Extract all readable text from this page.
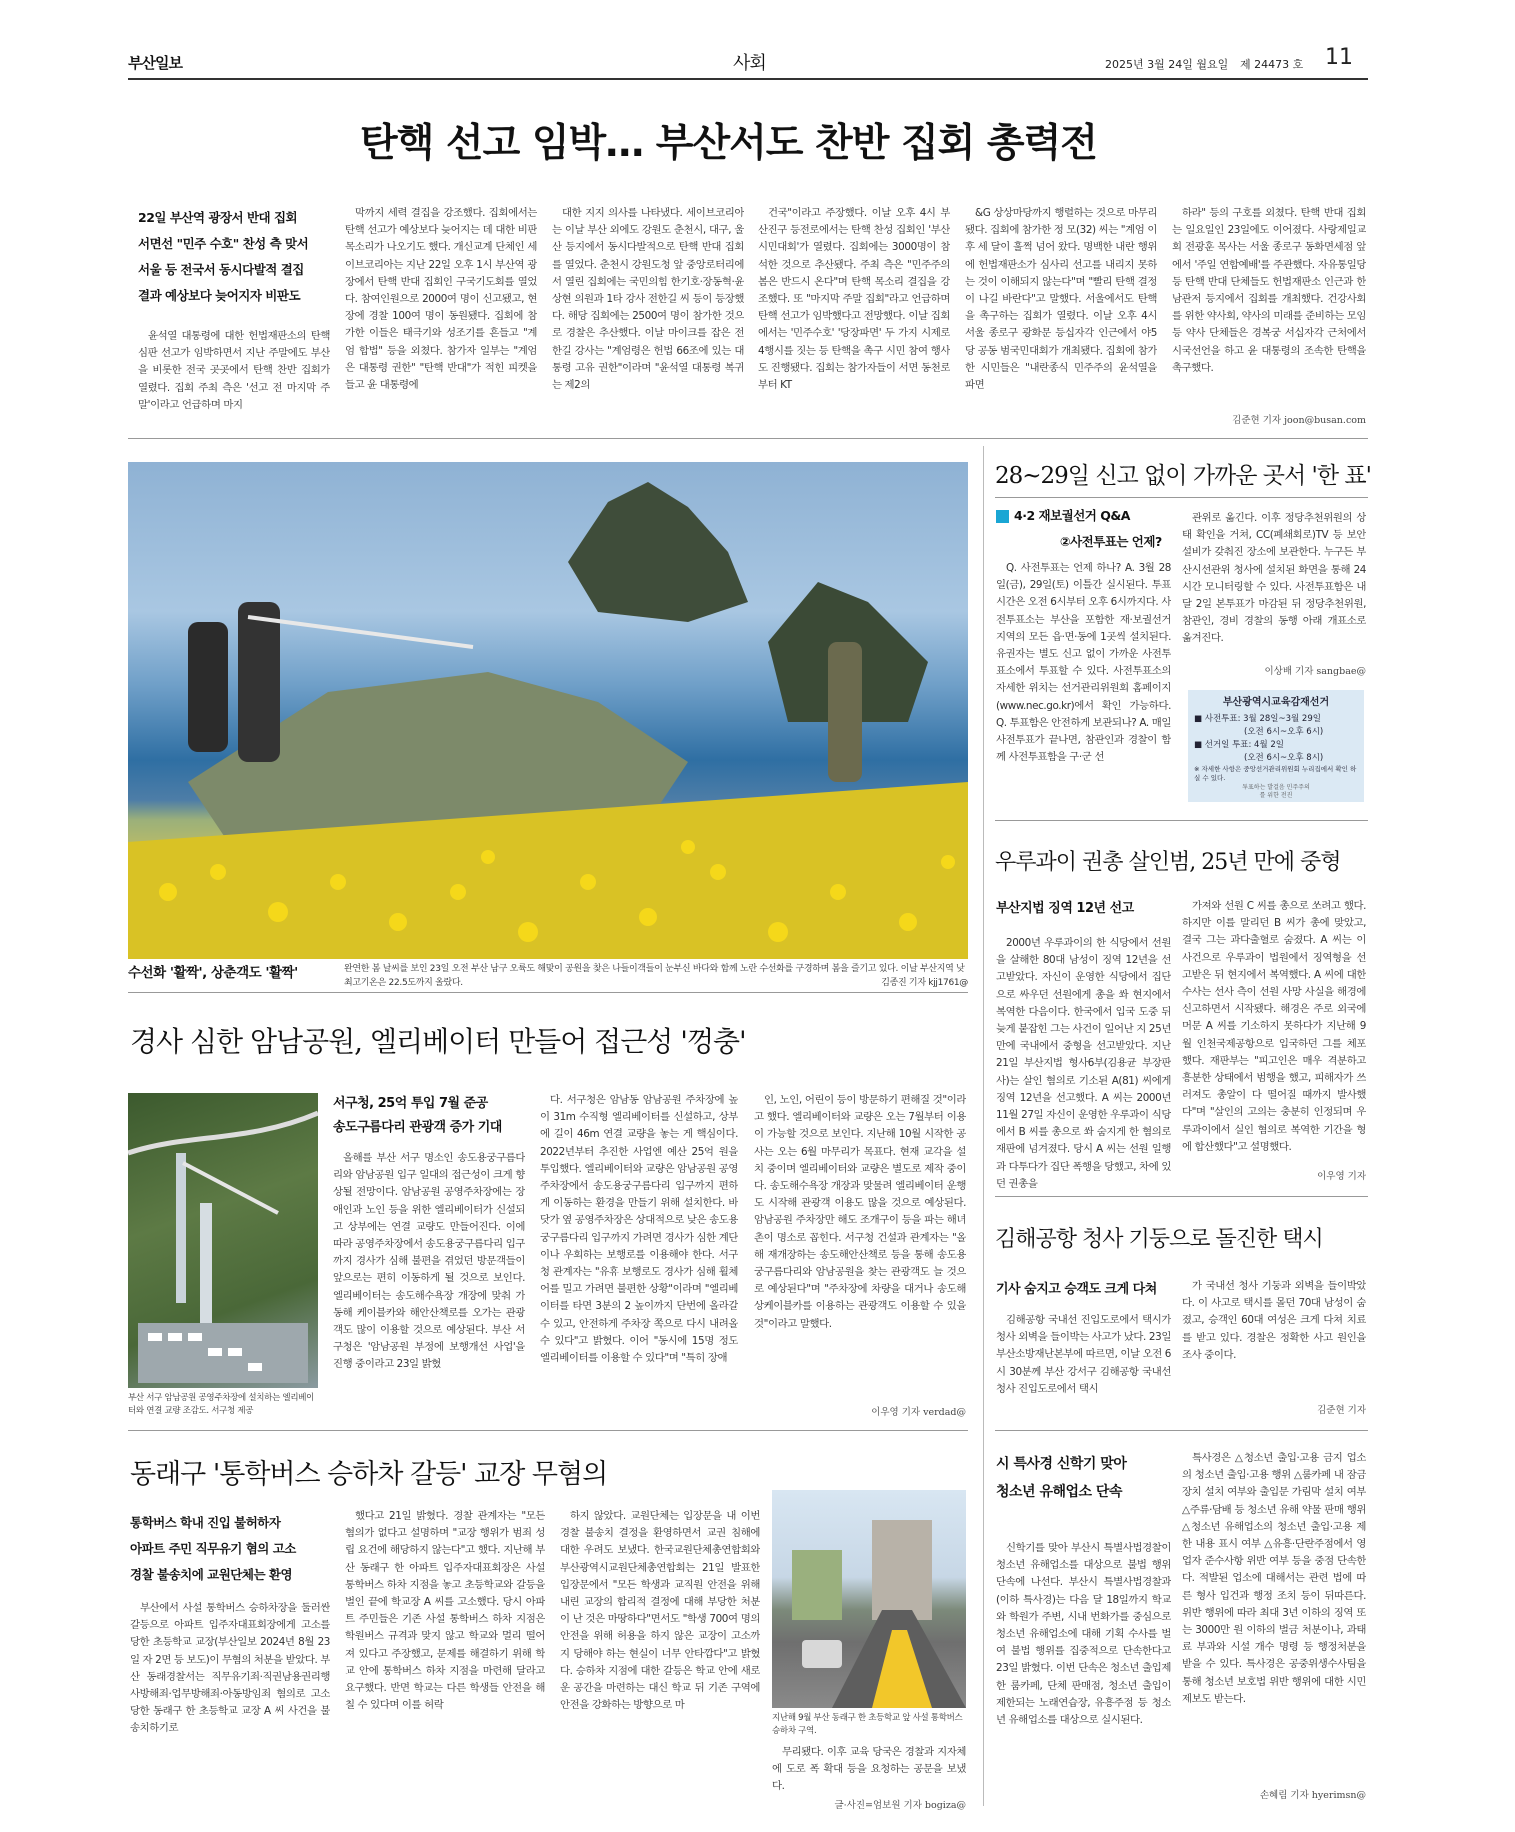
부산일보	사회	2025년 3월 24일 월요일 제 24473 호 11
탄핵 선고 임박… 부산서도 찬반 집회 총력전
22일 부산역 광장서 반대 집회
서면선 "민주 수호" 찬성 측 맞서
서울 등 전국서 동시다발적 결집
결과 예상보다 늦어지자 비판도

윤석열 대통령에 대한 헌법재판소의 탄핵심판 선고가 임박하면서 지난 주말에도 부산을 비롯한 전국 곳곳에서 탄핵 찬반 집회가 열렸다. 집회 주최 측은 '선고 전 마지막 주말'이라고 언급하며 마지

막까지 세력 결집을 강조했다. 집회에서는 탄핵 선고가 예상보다 늦어지는 데 대한 비판 목소리가 나오기도 했다. 개신교계 단체인 세이브코리아는 지난 22일 오후 1시 부산역 광장에서 탄핵 반대 집회인 구국기도회를 열었다. 참여인원으로 2000여 명이 신고됐고, 현장에 경찰 100여 명이 동원됐다. 집회에 참가한 이들은 태극기와 성조기를 흔들고 "계엄 합법" 등을 외쳤다. 참가자 일부는 "계엄은 대통령 권한" "탄핵 반대"가 적힌 피켓을 들고 윤 대통령에

대한 지지 의사를 나타냈다. 세이브코리아는 이날 부산 외에도 강원도 춘천시, 대구, 울산 등지에서 동시다발적으로 탄핵 반대 집회를 열었다. 춘천시 강원도청 앞 중앙로터리에서 열린 집회에는 국민의힘 한기호·장동혁·윤상현 의원과 1타 강사 전한길 씨 등이 등장했다. 해당 집회에는 2500여 명이 참가한 것으로 경찰은 추산했다. 이날 마이크를 잡은 전한길 강사는 "계엄령은 헌법 66조에 있는 대통령 고유 권한"이라며 "윤석열 대통령 복귀는 제2의

건국"이라고 주장했다. 이날 오후 4시 부산진구 등전로에서는 탄핵 찬성 집회인 '부산시민대회'가 열렸다. 집회에는 3000명이 참석한 것으로 추산됐다. 주최 측은 "민주주의 봄은 반드시 온다"며 탄핵 목소리 결집을 강조했다. 또 "마지막 주말 집회"라고 언급하며 탄핵 선고가 임박했다고 전망했다. 이날 집회에서는 '민주수호' '당장파면' 두 가지 시제로 4행시를 짓는 등 탄핵을 촉구 시민 참여 행사도 진행됐다. 집회는 참가자들이 서면 동천로부터 KT

&G 상상마당까지 행렬하는 것으로 마무리됐다. 집회에 참가한 정 모(32) 씨는 "계엄 이후 세 달이 훌쩍 넘어 왔다. 명백한 내란 행위에 헌법재판소가 심사리 선고를 내리지 못하는 것이 이해되지 않는다"며 "빨리 탄핵 결정이 나길 바란다"고 말했다. 서울에서도 탄핵을 촉구하는 집회가 열렸다. 이날 오후 4시 서울 종로구 광화문 등십자각 인근에서 야5당 공동 범국민대회가 개최됐다. 집회에 참가한 시민들은 "내란종식 민주주의 윤석열을 파면

하라" 등의 구호를 외쳤다. 탄핵 반대 집회는 일요일인 23일에도 이어졌다. 사랑제일교회 전광훈 목사는 서울 종로구 동화면세점 앞에서 '주일 연합예배'를 주관했다. 자유통일당 등 탄핵 반대 단체들도 헌법재판소 인근과 한남관저 등지에서 집회를 개최했다. 건강사회를 위한 약사회, 약사의 미래를 준비하는 모임 등 약사 단체들은 경복궁 서십자각 근처에서 시국선언을 하고 윤 대통령의 조속한 탄핵을 촉구했다.

김준현 기자 joon@busan.com
수선화 '활짝', 상춘객도 '활짝'	완연한 봄 날씨를 보인 23일 오전 부산 남구 오륙도 해맞이 공원을 찾은 나들이객들이 눈부신 바다와 함께 노란 수선화를 구경하며 봄을 즐기고 있다. 이날 부산지역 낮 최고기온은 22.5도까지 올랐다.	김종진 기자 kjj1761@
28~29일 신고 없이 가까운 곳서 '한 표'
4·2 재보궐선거 Q&A
②사전투표는 언제?

Q. 사전투표는 언제 하나? A. 3월 28일(금), 29일(토) 이틀간 실시된다. 투표 시간은 오전 6시부터 오후 6시까지다. 사전투표소는 부산을 포함한 재·보궐선거 지역의 모든 읍·면·동에 1곳씩 설치된다. 유권자는 별도 신고 없이 가까운 사전투표소에서 투표할 수 있다. 사전투표소의 자세한 위치는 선거관리위원회 홈페이지(www.nec.go.kr)에서 확인 가능하다. Q. 투표함은 안전하게 보관되나? A. 매일 사전투표가 끝나면, 참관인과 경찰이 함께 사전투표함을 구·군 선

관위로 옮긴다. 이후 정당추천위원의 상태 확인을 거쳐, CC(폐쇄회로)TV 등 보안 설비가 갖춰진 장소에 보관한다. 누구든 부산시선관위 청사에 설치된 화면을 통해 24시간 모니터링할 수 있다. 사전투표함은 내달 2일 본투표가 마감된 뒤 정당추천위원, 참관인, 경비 경찰의 동행 아래 개표소로 옮겨진다.

이상배 기자 sangbae@
부산광역시교육감재선거
■ 사전투표: 3월 28일~3월 29일
(오전 6시~오후 6시)
■ 선거일 투표: 4월 2일
(오전 6시~오후 8시)
※ 자세한 사항은 중앙선거관리위원회 누리집에서 확인 하실 수 있다.
투표하는 발걸음 민주주의를 위한 전진
우루과이 권총 살인범, 25년 만에 중형
부산지법 징역 12년 선고

2000년 우루과이의 한 식당에서 선원을 살해한 80대 남성이 징역 12년을 선고받았다. 자신이 운영한 식당에서 집단으로 싸우던 선원에게 총을 쏴 현지에서 복역한 다음이다. 한국에서 입국 도중 뒤늦게 붙잡힌 그는 사건이 일어난 지 25년 만에 국내에서 중형을 선고받았다. 지난 21일 부산지법 형사6부(김용균 부장판사)는 살인 혐의로 기소된 A(81) 씨에게 징역 12년을 선고했다. A 씨는 2000년 11월 27일 자신이 운영한 우루과이 식당에서 B 씨를 총으로 쏴 숨지게 한 혐의로 재판에 넘겨졌다. 당시 A 씨는 선원 일행과 다투다가 집단 폭행을 당했고, 차에 있던 권총을

가져와 선원 C 씨를 총으로 쏘려고 했다. 하지만 이를 말리던 B 씨가 총에 맞았고, 결국 그는 과다출혈로 숨졌다. A 씨는 이 사건으로 우루과이 법원에서 징역형을 선고받은 뒤 현지에서 복역했다. A 씨에 대한 수사는 선사 측이 선원 사망 사실을 해경에 신고하면서 시작됐다. 해경은 주로 외국에 머문 A 씨를 기소하지 못하다가 지난해 9월 인천국제공항으로 입국하던 그를 체포했다. 재판부는 "피고인은 매우 격분하고 흥분한 상태에서 범행을 했고, 피해자가 쓰러져도 총알이 다 떨어질 때까지 발사했다"며 "살인의 고의는 충분히 인정되며 우루과이에서 실인 혐의로 복역한 기간을 형에 합산했다"고 설명했다.

이우영 기자
김해공항 청사 기둥으로 돌진한 택시
기사 숨지고 승객도 크게 다쳐

김해공항 국내선 진입도로에서 택시가 청사 외벽을 들이박는 사고가 났다. 23일 부산소방재난본부에 따르면, 이날 오전 6시 30분께 부산 강서구 김해공항 국내선 청사 진입도로에서 택시

가 국내선 청사 기둥과 외벽을 들이박았다. 이 사고로 택시를 몰던 70대 남성이 숨졌고, 승객인 60대 여성은 크게 다쳐 치료를 받고 있다. 경찰은 정확한 사고 원인을 조사 중이다.

김준현 기자
시 특사경 신학기 맞아
청소년 유해업소 단속

신학기를 맞아 부산시 특별사법경찰이 청소년 유해업소를 대상으로 불법 행위 단속에 나선다. 부산시 특별사법경찰과(이하 특사경)는 다음 달 18일까지 학교와 학원가 주변, 시내 번화가를 중심으로 청소년 유해업소에 대해 기획 수사를 벌여 불법 행위를 집중적으로 단속한다고 23일 밝혔다. 이번 단속은 청소년 출입제한 룸카페, 단체 판매점, 청소년 출입이 제한되는 노래연습장, 유흥주점 등 청소년 유해업소를 대상으로 실시된다.

특사경은 △청소년 출입·고용 금지 업소의 청소년 출입·고용 행위 △룸카페 내 잠금장치 설치 여부와 출입문 가림막 설치 여부 △주류·담배 등 청소년 유해 약물 판매 행위 △청소년 유해업소의 청소년 출입·고용 제한 내용 표시 여부 △유흥·단란주점에서 영업자 준수사항 위반 여부 등을 중점 단속한다. 적발된 업소에 대해서는 관련 법에 따른 형사 입건과 행정 조치 등이 뒤따른다. 위반 행위에 따라 최대 3년 이하의 징역 또는 3000만 원 이하의 벌금 처분이나, 과태료 부과와 시설 개수 명령 등 행정처분을 받을 수 있다. 특사경은 공중위생수사팀을 통해 청소년 보호법 위반 행위에 대한 시민 제보도 받는다.

손혜림 기자 hyerimsn@
경사 심한 암남공원, 엘리베이터 만들어 접근성 '껑충'
부산 서구 암남공원 공영주차장에 설치하는 엘리베이터와 연결 교량 조감도. 서구청 제공
서구청, 25억 투입 7월 준공
송도구름다리 관광객 증가 기대

올해를 부산 서구 명소인 송도용궁구름다리와 암남공원 입구 일대의 접근성이 크게 향상될 전망이다. 암남공원 공영주차장에는 장애인과 노인 등을 위한 엘리베이터가 신설되고 상부에는 연결 교량도 만들어진다. 이에 따라 공영주차장에서 송도용궁구름다리 입구까지 경사가 심해 불편을 겪었던 방문객들이 앞으로는 편히 이동하게 될 것으로 보인다. 엘리베이터는 송도해수욕장 개장에 맞춰 가동해 케이블카와 해안산책로를 오가는 관광객도 많이 이용할 것으로 예상된다. 부산 서구청은 '암남공원 부정에 보행개선 사업'을 진행 중이라고 23일 밝혔

다. 서구청은 암남동 암남공원 주차장에 높이 31m 수직형 엘리베이터를 신설하고, 상부에 길이 46m 연결 교량을 놓는 게 핵심이다. 2022년부터 추진한 사업엔 예산 25억 원을 투입했다. 엘리베이터와 교량은 암남공원 공영주차장에서 송도용궁구름다리 입구까지 편하게 이동하는 환경을 만들기 위해 설치한다. 바닷가 옆 공영주차장은 상대적으로 낮은 송도용궁구름다리 입구까지 가려면 경사가 심한 계단이나 우회하는 보행로를 이용해야 한다. 서구청 관계자는 "유휴 보행로도 경사가 심해 휠체어를 밀고 가려면 불편한 상황"이라며 "엘리베이터를 타면 3분의 2 높이까지 단번에 올라갈 수 있고, 안전하게 주차장 쪽으로 다시 내려올 수 있다"고 밝혔다. 이어 "동시에 15명 정도 엘리베이터를 이용할 수 있다"며 "특히 장애

인, 노인, 어린이 등이 방문하기 편해질 것"이라고 했다. 엘리베이터와 교량은 오는 7월부터 이용이 가능할 것으로 보인다. 지난해 10월 시작한 공사는 오는 6월 마무리가 목표다. 현재 교각을 설치 중이며 엘리베이터와 교량은 별도로 제작 중이다. 송도해수욕장 개장과 맞물려 엘리베이터 운행도 시작해 관광객 이용도 많을 것으로 예상된다. 암남공원 주차장만 해도 조개구이 등을 파는 해녀촌이 명소로 꼽힌다. 서구청 건설과 관계자는 "올해 재개장하는 송도해안산책로 등을 통해 송도용궁구름다리와 암남공원을 찾는 관광객도 늘 것으로 예상된다"며 "주차장에 차량을 대거나 송도해상케이블카를 이용하는 관광객도 이용할 수 있을 것"이라고 말했다.

이우영 기자 verdad@
동래구 '통학버스 승하차 갈등' 교장 무혐의
통학버스 학내 진입 불허하자
아파트 주민 직무유기 혐의 고소
경찰 불송치에 교원단체는 환영

부산에서 사설 통학버스 승하차장을 둘러싼 갈등으로 아파트 입주자대표회장에게 고소를 당한 초등학교 교장(부산일보 2024년 8월 23일 자 2면 등 보도)이 무혐의 처분을 받았다. 부산 동래경찰서는 직무유기죄·직권남용권리행사방해죄·업무방해죄·아동방임죄 혐의로 고소당한 동래구 한 초등학교 교장 A 씨 사건을 불송치하기로

했다고 21일 밝혔다. 경찰 관계자는 "모든 혐의가 없다고 설명하며 "교장 행위가 범죄 성립 요건에 해당하지 않는다"고 했다. 지난해 부산 동래구 한 아파트 입주자대표회장은 사설 통학버스 하차 지점을 놓고 초등학교와 갈등을 벌인 끝에 학교장 A 씨를 고소했다. 당시 아파트 주민들은 기존 사설 통학버스 하차 지점은 학원버스 규격과 맞지 않고 학교와 멀리 떨어져 있다고 주장했고, 문제를 해결하기 위해 학교 안에 통학버스 하차 지점을 마련해 달라고 요구했다. 반면 학교는 다른 학생들 안전을 해칠 수 있다며 이를 허락

하지 않았다. 교원단체는 입장문을 내 이번 경찰 불송치 결정을 환영하면서 교권 침해에 대한 우려도 보냈다. 한국교원단체총연합회와 부산광역시교원단체총연합회는 21일 발표한 입장문에서 "모든 학생과 교직원 안전을 위해 내린 교장의 합리적 결정에 대해 부당한 처분이 난 것은 마땅하다"면서도 "학생 700여 명의 안전을 위해 허용을 하지 않은 교장이 고소까지 당해야 하는 현실이 너무 안타깝다"고 밝혔다. 승하차 지점에 대한 갈등은 학교 안에 새로운 공간을 마련하는 대신 학교 뒤 기존 구역에 안전을 강화하는 방향으로 마

지난해 9월 부산 동래구 한 초등학교 앞 사설 통학버스 승하차 구역.

무리됐다. 이후 교육 당국은 경찰과 지자체에 도로 폭 확대 등을 요청하는 공문을 보냈다.

글·사진=엄보원 기자 bogiza@
